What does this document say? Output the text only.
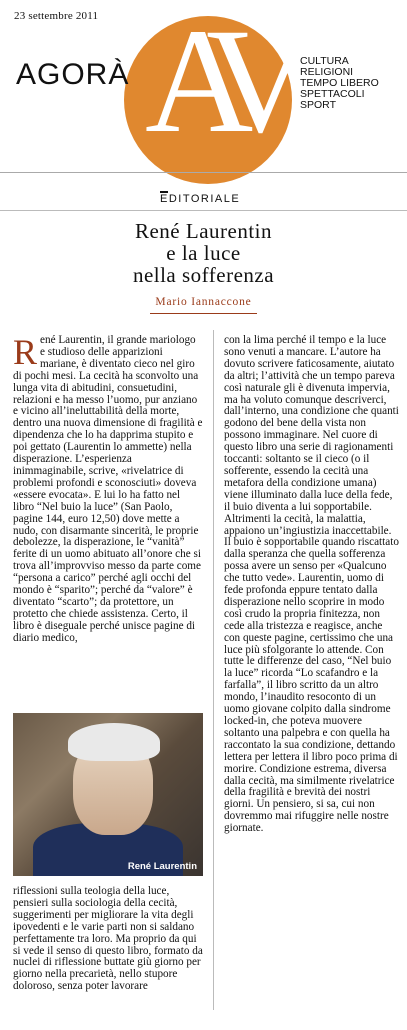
23 settembre 2011 AV
AGORÀ	CULTURA
RELIGIONI
TEMPO LIBERO
SPETTACOLI
SPORT
EDITORIALE
René Laurentin
e la luce
nella sofferenza
Mario Iannaccone

René Laurentin, il grande mariologo e studioso delle apparizioni mariane, è diventato cieco nel giro di pochi mesi. La cecità ha sconvolto una lunga vita di abitudini, consuetudini, relazioni e ha messo l’uomo, pur anziano e vicino all’ineluttabilità della morte, dentro una nuova dimensione di fragilità e dipendenza che lo ha dapprima stupito e poi gettato (Laurentin lo ammette) nella disperazione. L’esperienza inimmaginabile, scrive, «rivelatrice di problemi profondi e sconosciuti» doveva «essere evocata». E lui lo ha fatto nel libro “Nel buio la luce” (San Paolo, pagine 144, euro 12,50) dove mette a nudo, con disarmante sincerità, le proprie debolezze, la disperazione, le “vanità” ferite di un uomo abituato all’onore che si trova all’improvviso messo da parte come “persona a carico” perché agli occhi del mondo è “sparito”; perché da “valore” è diventato “scarto”; da protettore, un protetto che chiede assistenza. Certo, il libro è diseguale perché unisce pagine di diario medico,

René Laurentin

riflessioni sulla teologia della luce, pensieri sulla sociologia della cecità, suggerimenti per migliorare la vita degli ipovedenti e le varie parti non si saldano perfettamente tra loro. Ma proprio da qui si vede il senso di questo libro, formato da nuclei di riflessione buttate giù giorno per giorno nella precarietà, nello stupore doloroso, senza poter lavorare

con la lima perché il tempo e la luce sono venuti a mancare. L’autore ha dovuto scrivere faticosamente, aiutato da altri; l’attività che un tempo pareva così naturale gli è divenuta impervia, ma ha voluto comunque descriverci, dall’interno, una condizione che quanti godono del bene della vista non possono immaginare. Nel cuore di questo libro una serie di ragionamenti toccanti: soltanto se il cieco (o il sofferente, essendo la cecità una metafora della condizione umana) viene illuminato dalla luce della fede, il buio diventa a lui sopportabile. Altrimenti la cecità, la malattia, appaiono un’ingiustizia inaccettabile. Il buio è sopportabile quando riscattato dalla speranza che quella sofferenza possa avere un senso per «Qualcuno che tutto vede». Laurentin, uomo di fede profonda eppure tentato dalla disperazione nello scoprire in modo così crudo la propria finitezza, non cede alla tristezza e reagisce, anche con queste pagine, certissimo che una luce più sfolgorante lo attende. Con tutte le differenze del caso, “Nel buio la luce” ricorda “Lo scafandro e la farfalla”, il libro scritto da un altro mondo, l’inaudito resoconto di un uomo giovane colpito dalla sindrome locked-in, che poteva muovere soltanto una palpebra e con quella ha raccontato la sua condizione, dettando lettera per lettera il libro poco prima di morire. Condizione estrema, diversa dalla cecità, ma similmente rivelatrice della fragilità e brevità dei nostri giorni. Un pensiero, si sa, cui non dovremmo mai rifuggire nelle nostre giornate.
